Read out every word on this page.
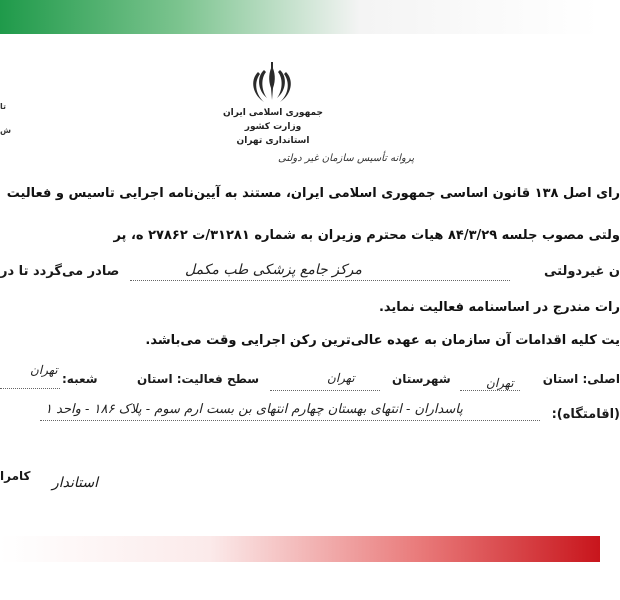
جمهوری اسلامی ایران
وزارت کشور
استانداری تهران
پروانه تأسیس سازمان غیر دولتی
تا
ش
رای اصل ۱۳۸ قانون اساسی جمهوری اسلامی ایران، مستند به آیین‌نامه اجرایی تاسیس و فعالیت
ولتی مصوب جلسه ۸۴/۳/۲۹ هیات محترم وزیران به شماره ۳۱۲۸۱/ت ۲۷۸۶۲ ه، پر
ن غیردولتی
مرکز جامع پزشکی طب مکمل
صادر می‌گردد تا در
رات مندرج در اساسنامه فعالیت نماید.
یت کلیه اقدامات آن سازمان به عهده عالی‌ترین رکن اجرایی وقت می‌باشد.
اصلی: استان
تهران
شهرستان
تهران
سطح فعالیت: استان
شعبه:
تهران
(اقامتگاه):
پاسداران - انتهای بهستان چهارم انتهای بن بست ارم سوم - پلاک ۱۸۶ - واحد ۱
کامرا استاندار
